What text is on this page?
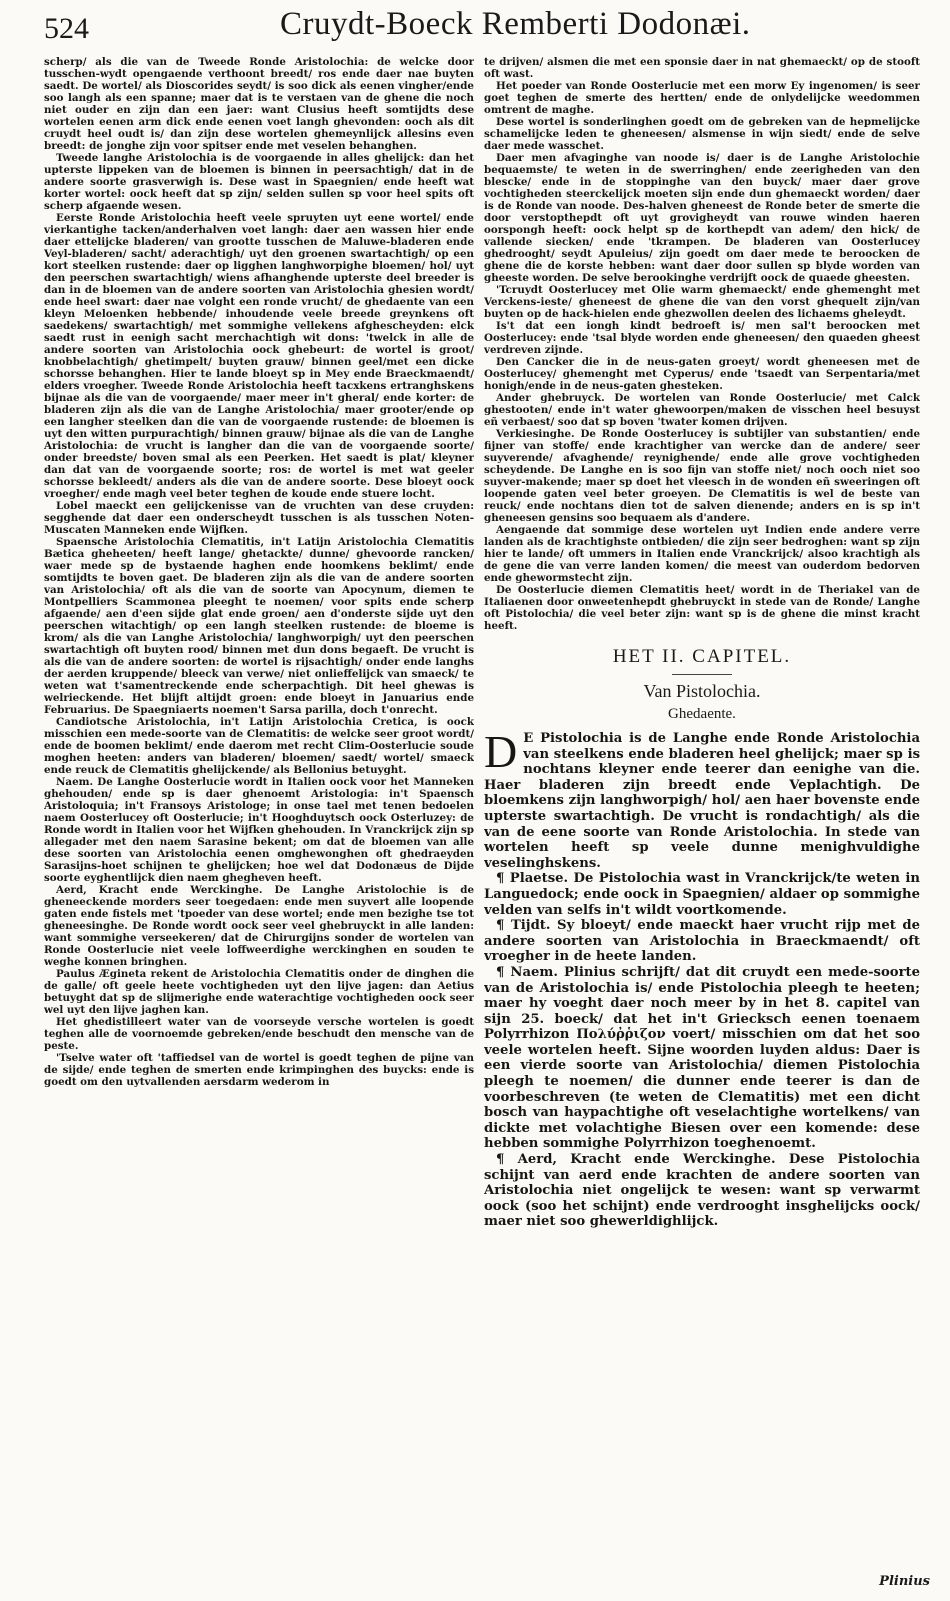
524	Cruydt-Boeck Remberti Dodonæi.

scherp/ als die van de Tweede Ronde Aristolochia: de welcke door tusschen-wydt opengaende verthoont breedt/ ros ende daer nae buyten saedt. De wortel/ als Dioscorides seydt/ is soo dick als eenen vingher/ende soo langh als een spanne; maer dat is te verstaen van de ghene die noch niet ouder en zijn dan een jaer: want Clusius heeft somtijdts dese wortelen eenen arm dick ende eenen voet langh ghevonden: ooch als dit cruydt heel oudt is/ dan zijn dese wortelen ghemeynlijck allesins even breedt: de jonghe zijn voor spitser ende met veselen behanghen.

Tweede langhe Aristolochia is de voorgaende in alles ghelijck: dan het upterste lippeken van de bloemen is binnen in peersachtigh/ dat in de andere soorte grasverwigh is. Dese wast in Spaegnien/ ende heeft wat korter wortel: oock heeft dat sp zijn/ selden sullen sp voor heel spits oft scherp afgaende wesen.

Eerste Ronde Aristolochia heeft veele spruyten uyt eene wortel/ ende vierkantighe tacken/anderhalven voet langh: daer aen wassen hier ende daer ettelijcke bladeren/ van grootte tusschen de Maluwe-bladeren ende Veyl-bladeren/ sacht/ aderachtigh/ uyt den groenen swartachtigh/ op een kort steelken rustende: daer op ligghen langhworpighe bloemen/ hol/ uyt den peerschen swartachtigh/ wiens afhanghende upterste deel breeder is dan in de bloemen van de andere soorten van Aristolochia ghesien wordt/ ende heel swart: daer nae volght een ronde vrucht/ de ghedaente van een kleyn Meloenken hebbende/ inhoudende veele breede greynkens oft saedekens/ swartachtigh/ met sommighe vellekens afghescheyden: elck saedt rust in eenigh sacht merchachtigh wit dons: 'twelck in alle de andere soorten van Aristolochia oock ghebeurt: de wortel is groot/ knobbelachtigh/ ghetimpelt/ buyten grauw/ binnen geel/met een dicke schorsse behanghen. Hier te lande bloeyt sp in Mey ende Braeckmaendt/ elders vroegher. Tweede Ronde Aristolochia heeft tacxkens ertranghskens bijnae als die van de voorgaende/ maer meer in't gheral/ ende korter: de bladeren zijn als die van de Langhe Aristolochia/ maer grooter/ende op een langher steelken dan die van de voorgaende rustende: de bloemen is uyt den witten purpurachtigh/ binnen grauw/ bijnae als die van de Langhe Aristolochia: de vrucht is langher dan die van de voorgaende soorte/ onder breedste/ boven smal als een Peerken. Het saedt is plat/ kleyner dan dat van de voorgaende soorte; ros: de wortel is met wat geeler schorsse bekleedt/ anders als die van de andere soorte. Dese bloeyt oock vroegher/ ende magh veel beter teghen de koude ende stuere locht.

Lobel maeckt een gelijckenisse van de vruchten van dese cruyden: segghende dat daer een onderscheydt tusschen is als tusschen Noten-Muscaten Manneken ende Wijfken.

Spaensche Aristolochia Clematitis, in't Latijn Aristolochia Clematitis Bætica gheheeten/ heeft lange/ ghetackte/ dunne/ ghevoorde rancken/ waer mede sp de bystaende haghen ende hoomkens beklimt/ ende somtijdts te boven gaet. De bladeren zijn als die van de andere soorten van Aristolochia/ oft als die van de soorte van Apocynum, diemen te Montpelliers Scammonea pleeght te noemen/ voor spits ende scherp afgaende/ aen d'een sijde glat ende groen/ aen d'onderste sijde uyt den peerschen witachtigh/ op een langh steelken rustende: de bloeme is krom/ als die van Langhe Aristolochia/ langhworpigh/ uyt den peerschen swartachtigh oft buyten rood/ binnen met dun dons begaeft. De vrucht is als die van de andere soorten: de wortel is rijsachtigh/ onder ende langhs der aerden kruppende/ bleeck van verwe/ niet onlieffelijck van smaeck/ te weten wat t'samentreckende ende scherpachtigh. Dit heel ghewas is welrieckende. Het blijft altijdt groen: ende bloeyt in Januarius ende Februarius. De Spaegniaerts noemen't Sarsa parilla, doch t'onrecht.

Candiotsche Aristolochia, in't Latijn Aristolochia Cretica, is oock misschien een mede-soorte van de Clematitis: de welcke seer groot wordt/ ende de boomen beklimt/ ende daerom met recht Clim-Oosterlucie soude moghen heeten: anders van bladeren/ bloemen/ saedt/ wortel/ smaeck ende reuck de Clematitis ghelijckende/ als Bellonius betuyght.

Naem. De Langhe Oosterlucie wordt in Italien oock voor het Manneken ghehouden/ ende sp is daer ghenoemt Aristologia: in't Spaensch Aristoloquia; in't Fransoys Aristologe; in onse tael met tenen bedoelen naem Oosterlucey oft Oosterlucie; in't Hooghduytsch oock Osterluzey: de Ronde wordt in Italien voor het Wijfken ghehouden. In Vranckrijck zijn sp allegader met den naem Sarasine bekent; om dat de bloemen van alle dese soorten van Aristolochia eenen omghewonghen oft ghedraeyden Sarasijns-hoet schijnen te ghelijcken; hoe wel dat Dodonæus de Dijde soorte eyghentlijck dien naem ghegheven heeft.

Aerd, Kracht ende Werckinghe. De Langhe Aristolochie is de gheneeckende morders seer toegedaen: ende men suyvert alle loopende gaten ende fistels met 'tpoeder van dese wortel; ende men bezighe tse tot gheneesinghe. De Ronde wordt oock seer veel ghebruyckt in alle landen: want sommighe verseekeren/ dat de Chirurgijns sonder de wortelen van Ronde Oosterlucie niet veele loffweerdighe werckinghen en souden te weghe konnen bringhen.

Paulus Ægineta rekent de Aristolochia Clematitis onder de dinghen die de galle/ oft geele heete vochtigheden uyt den lijve jagen: dan Aetius betuyght dat sp de slijmerighe ende waterachtige vochtigheden oock seer wel uyt den lijve jaghen kan.

Het ghedistilleert water van de voorseyde versche wortelen is goedt teghen alle de voornoemde gebreken/ende beschudt den mensche van de peste.

'Tselve water oft 'taffiedsel van de wortel is goedt teghen de pijne van de sijde/ ende teghen de smerten ende krimpinghen des buycks: ende is goedt om den uytvallenden aersdarm wederom in

te drijven/ alsmen die met een sponsie daer in nat ghemaeckt/ op de stooft oft wast.

Het poeder van Ronde Oosterlucie met een morw Ey ingenomen/ is seer goet teghen de smerte des hertten/ ende de onlydelijcke weedommen omtrent de maghe.

Dese wortel is sonderlinghen goedt om de gebreken van de hepmelijcke schamelijcke leden te gheneesen/ alsmense in wijn siedt/ ende de selve daer mede wasschet.

Daer men afvaginghe van noode is/ daer is de Langhe Aristolochie bequaemste/ te weten in de swerringhen/ ende zeerigheden van den blescke/ ende in de stoppinghe van den buyck/ maer daer grove vochtigheden steerckelijck moeten sijn ende dun ghemaeckt worden/ daer is de Ronde van noode. Des-halven gheneest de Ronde beter de smerte die door verstopthepdt oft uyt grovigheydt van rouwe winden haeren oorspongh heeft: oock helpt sp de korthepdt van adem/ den hick/ de vallende siecken/ ende 'tkrampen. De bladeren van Oosterlucey ghedrooght/ seydt Apuleius/ zijn goedt om daer mede te beroocken de ghene die de korste hebben: want daer door sullen sp blyde worden van gheeste worden. De selve berookinghe verdrijft oock de quaede gheesten.

'Tcruydt Oosterlucey met Olie warm ghemaeckt/ ende ghemenght met Verckens-ieste/ gheneest de ghene die van den vorst ghequelt zijn/van buyten op de hack-hielen ende ghezwollen deelen des lichaems gheleydt.

Is't dat een iongh kindt bedroeft is/ men sal't beroocken met Oosterlucey: ende 'tsal blyde worden ende gheneesen/ den quaeden gheest verdreven zijnde.

Den Cancker die in de neus-gaten groeyt/ wordt gheneesen met de Oosterlucey/ ghemenght met Cyperus/ ende 'tsaedt van Serpentaria/met honigh/ende in de neus-gaten ghesteken.

Ander ghebruyck. De wortelen van Ronde Oosterlucie/ met Calck ghestooten/ ende in't water ghewoorpen/maken de visschen heel besuyst eñ verbaest/ soo dat sp boven 'twater komen drijven.

Verkiesinghe. De Ronde Oosterlucey is subtijler van substantien/ ende fijner van stoffe/ ende krachtigher van wercke dan de andere/ seer suyverende/ afvaghende/ reynighende/ ende alle grove vochtigheden scheydende. De Langhe en is soo fijn van stoffe niet/ noch ooch niet soo suyver-makende; maer sp doet het vleesch in de wonden eñ sweeringen oft loopende gaten veel beter groeyen. De Clematitis is wel de beste van reuck/ ende nochtans dien tot de salven dienende; anders en is sp in't gheneesen gensins soo bequaem als d'andere.

Aengaende dat sommige dese wortelen uyt Indien ende andere verre landen als de krachtighste ontbieden/ die zijn seer bedroghen: want sp zijn hier te lande/ oft ummers in Italien ende Vranckrijck/ alsoo krachtigh als de gene die van verre landen komen/ die meest van ouderdom bedorven ende ghewormstecht zijn.

De Oosterlucie diemen Clematitis heet/ wordt in de Theriakel van de Italiaenen door onweetenhepdt ghebruyckt in stede van de Ronde/ Langhe oft Pistolochia/ die veel beter zijn: want sp is de ghene die minst kracht heeft.

HET II. CAPITEL.
Van Pistolochia.
Ghedaente.

D E Pistolochia is de Langhe ende Ronde Aristolochia van steelkens ende bladeren heel ghelijck; maer sp is nochtans kleyner ende teerer dan eenighe van die. Haer bladeren zijn breedt ende Veplachtigh. De bloemkens zijn langhworpigh/ hol/ aen haer bovenste ende upterste swartachtigh. De vrucht is rondachtigh/ als die van de eene soorte van Ronde Aristolochia. In stede van wortelen heeft sp veele dunne menighvuldighe veselinghskens.

¶ Plaetse. De Pistolochia wast in Vranckrijck/te weten in Languedock; ende oock in Spaegnien/ aldaer op sommighe velden van selfs in't wildt voortkomende.

¶ Tijdt. Sy bloeyt/ ende maeckt haer vrucht rijp met de andere soorten van Aristolochia in Braeckmaendt/ oft vroegher in de heete landen.

¶ Naem. Plinius schrijft/ dat dit cruydt een mede-soorte van de Aristolochia is/ ende Pistolochia pleegh te heeten; maer hy voeght daer noch meer by in het 8. capitel van sijn 25. boeck/ dat het in't Griecksch eenen toenaem Polyrrhizon Πολύῤῥιζον voert/ misschien om dat het soo veele wortelen heeft. Sijne woorden luyden aldus: Daer is een vierde soorte van Aristolochia/ diemen Pistolochia pleegh te noemen/ die dunner ende teerer is dan de voorbeschreven (te weten de Clematitis) met een dicht bosch van haypachtighe oft veselachtighe wortelkens/ van dickte met volachtighe Biesen over een komende: dese hebben sommighe Polyrrhizon toeghenoemt.

¶ Aerd, Kracht ende Werckinghe. Dese Pistolochia schijnt van aerd ende krachten de andere soorten van Aristolochia niet ongelijck te wesen: want sp verwarmt oock (soo het schijnt) ende verdrooght insghelijcks oock/ maer niet soo ghewerldighlijck.

Plinius
